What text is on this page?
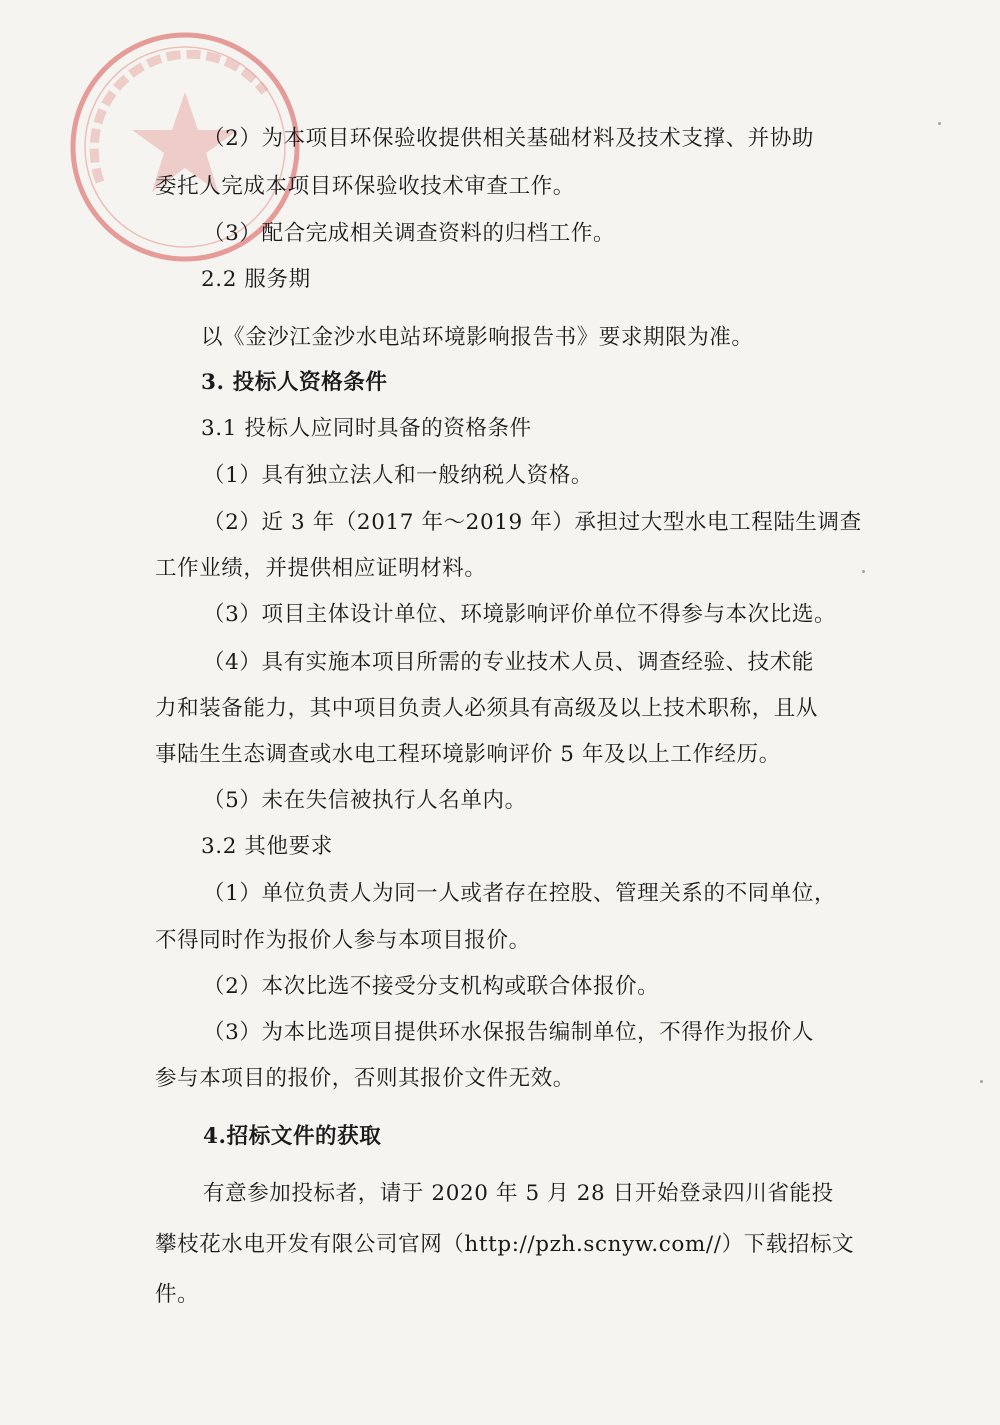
（2）为本项目环保验收提供相关基础材料及技术支撑、并协助
委托人完成本项目环保验收技术审查工作。
（3）配合完成相关调查资料的归档工作。
2.2 服务期
以《金沙江金沙水电站环境影响报告书》要求期限为准。
3. 投标人资格条件
3.1 投标人应同时具备的资格条件
（1）具有独立法人和一般纳税人资格。
（2）近 3 年（2017 年～2019 年）承担过大型水电工程陆生调查
工作业绩，并提供相应证明材料。
（3）项目主体设计单位、环境影响评价单位不得参与本次比选。
（4）具有实施本项目所需的专业技术人员、调查经验、技术能
力和装备能力，其中项目负责人必须具有高级及以上技术职称，且从
事陆生生态调查或水电工程环境影响评价 5 年及以上工作经历。
（5）未在失信被执行人名单内。
3.2 其他要求
（1）单位负责人为同一人或者存在控股、管理关系的不同单位，
不得同时作为报价人参与本项目报价。
（2）本次比选不接受分支机构或联合体报价。
（3）为本比选项目提供环水保报告编制单位，不得作为报价人
参与本项目的报价，否则其报价文件无效。
4.招标文件的获取
有意参加投标者，请于 2020 年 5 月 28 日开始登录四川省能投
攀枝花水电开发有限公司官网（http://pzh.scnyw.com//）下载招标文
件。
